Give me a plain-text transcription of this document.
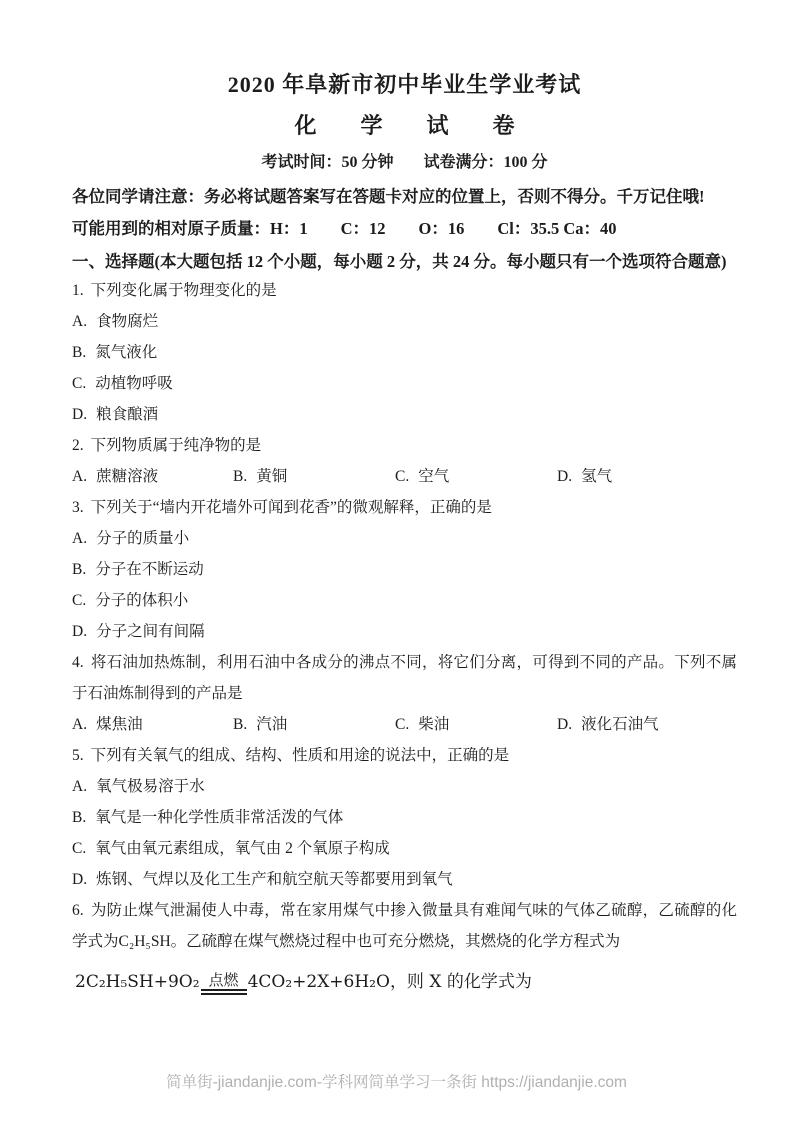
2020 年阜新市初中毕业生学业考试
化　　学　　试　　卷
考试时间：50 分钟 试卷满分：100 分

各位同学请注意：务必将试题答案写在答题卡对应的位置上，否则不得分。千万记住哦!

可能用到的相对原子质量：H：1　　C：12　　O：16　　Cl：35.5 Ca：40

一、选择题(本大题包括 12 个小题，每小题 2 分，共 24 分。每小题只有一个选项符合题意)

1. 下列变化属于物理变化的是

A. 食物腐烂
B. 氮气液化
C. 动植物呼吸
D. 粮食酿酒

2. 下列物质属于纯净物的是

A. 蔗糖溶液	B. 黄铜	C. 空气	D. 氢气

3. 下列关于“墙内开花墙外可闻到花香”的微观解释，正确的是

A. 分子的质量小
B. 分子在不断运动
C. 分子的体积小
D. 分子之间有间隔

4. 将石油加热炼制，利用石油中各成分的沸点不同，将它们分离，可得到不同的产品。下列不属于石油炼制得到的产品是

A. 煤焦油	B. 汽油	C. 柴油	D. 液化石油气

5. 下列有关氧气的组成、结构、性质和用途的说法中，正确的是

A. 氧气极易溶于水
B. 氧气是一种化学性质非常活泼的气体
C. 氧气由氧元素组成，氧气由 2 个氧原子构成
D. 炼钢、气焊以及化工生产和航空航天等都要用到氧气

6. 为防止煤气泄漏使人中毒，常在家用煤气中掺入微量具有难闻气味的气体乙硫醇，乙硫醇的化学式为C₂H₅SH。乙硫醇在煤气燃烧过程中也可充分燃烧，其燃烧的化学方程式为

2C₂H₅SH+9O₂ 点燃 4CO₂+2X+6H₂O，则 X 的化学式为
简单街-jiandanjie.com-学科网简单学习一条街 https://jiandanjie.com
